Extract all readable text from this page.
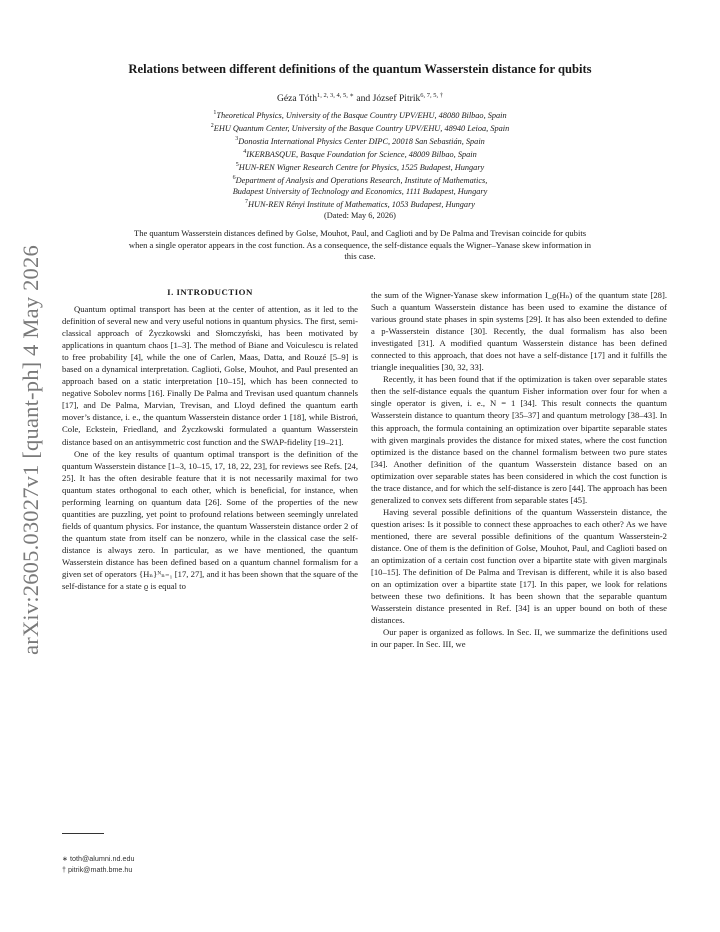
arXiv:2605.03027v1 [quant-ph] 4 May 2026
Relations between different definitions of the quantum Wasserstein distance for qubits
Géza Tóth$^{1, 2, 3, 4, 5, ∗}$ and József Pitrik$^{6, 7, 5, \dagger}$
$^1$Theoretical Physics, University of the Basque Country UPV/EHU, 48080 Bilbao, Spain
$^2$EHU Quantum Center, University of the Basque Country UPV/EHU, 48940 Leioa, Spain
$^3$Donostia International Physics Center DIPC, 20018 San Sebastián, Spain
$^4$IKERBASQUE, Basque Foundation for Science, 48009 Bilbao, Spain
$^5$HUN-REN Wigner Research Centre for Physics, 1525 Budapest, Hungary
$^6$Department of Analysis and Operations Research, Institute of Mathematics,
Budapest University of Technology and Economics, 1111 Budapest, Hungary
$^7$HUN-REN Rényi Institute of Mathematics, 1053 Budapest, Hungary
(Dated: May 6, 2026)
The quantum Wasserstein distances defined by Golse, Mouhot, Paul, and Caglioti and by De Palma and Trevisan coincide for qubits when a single operator appears in the cost function. As a consequence, the self-distance equals the Wigner–Yanase skew information in this case.
I. INTRODUCTION

Quantum optimal transport has been at the center of attention, as it led to the definition of several new and very useful notions in quantum physics. The first, semi-classical approach of Życzkowski and Słomczyński, has been motivated by applications in quantum chaos [1–3]. The method of Biane and Voiculescu is related to free probability [4], while the one of Carlen, Maas, Datta, and Rouzé [5–9] is based on a dynamical interpretation. Caglioti, Golse, Mouhot, and Paul presented an approach based on a static interpretation [10–15], which has been connected to negative Sobolev norms [16]. Finally De Palma and Trevisan used quantum channels [17], and De Palma, Marvian, Trevisan, and Lloyd defined the quantum earth mover’s distance, i. e., the quantum Wasserstein distance order 1 [18], while Bistroń, Cole, Eckstein, Friedland, and Życzkowski formulated a quantum Wasserstein distance based on an antisymmetric cost function and the SWAP-fidelity [19–21].

One of the key results of quantum optimal transport is the definition of the quantum Wasserstein distance [1–3, 10–15, 17, 18, 22, 23], for reviews see Refs. [24, 25]. It has the often desirable feature that it is not necessarily maximal for two quantum states orthogonal to each other, which is beneficial, for instance, when performing learning on quantum data [26]. Some of the properties of the new quantities are puzzling, yet point to profound relations between seemingly unrelated fields of quantum physics. For instance, the quantum Wasserstein distance order 2 of the quantum state from itself can be nonzero, while in the classical case the self-distance is always zero. In particular, as we have mentioned, the quantum Wasserstein distance has been defined based on a quantum channel formalism for a given set of operators {Hₙ}ᴺₙ₌₁ [17, 27], and it has been shown that the square of the self-distance for a state ϱ is equal to

the sum of the Wigner-Yanase skew information I_ϱ(Hₙ) of the quantum state [28]. Such a quantum Wasserstein distance has been used to examine the distance of various ground state phases in spin systems [29]. It has also been extended to define a p-Wasserstein distance [30]. Recently, the dual formalism has also been investigated [31]. A modified quantum Wasserstein distance has been defined connected to this approach, that does not have a self-distance [17] and it fulfills the triangle inequalities [30, 32, 33].

Recently, it has been found that if the optimization is taken over separable states then the self-distance equals the quantum Fisher information over four for when a single operator is given, i. e., N = 1 [34]. This result connects the quantum Wasserstein distance to quantum theory [35–37] and quantum metrology [38–43]. In this approach, the formula containing an optimization over bipartite separable states with given marginals provides the distance for mixed states, where the cost function optimized is the distance based on the channel formalism between two pure states [34]. Another definition of the quantum Wasserstein distance based on an optimization over separable states has been considered in which the cost function is the trace distance, and for which the self-distance is zero [44]. The approach has been generalized to convex sets different from separable states [45].

Having several possible definitions of the quantum Wasserstein distance, the question arises: Is it possible to connect these approaches to each other? As we have mentioned, there are several possible definitions of the quantum Wasserstein-2 distance. One of them is the definition of Golse, Mouhot, Paul, and Caglioti based on an optimization of a certain cost function over a bipartite state with given marginals [10–15]. The definition of De Palma and Trevisan is different, while it is also based on an optimization over a bipartite state [17]. In this paper, we look for relations between these two definitions. It has been shown that the separable quantum Wasserstein distance presented in Ref. [34] is an upper bound on both of these distances.

Our paper is organized as follows. In Sec. II, we summarize the definitions used in our paper. In Sec. III, we

∗ toth@alumni.nd.edu
† pitrik@math.bme.hu
